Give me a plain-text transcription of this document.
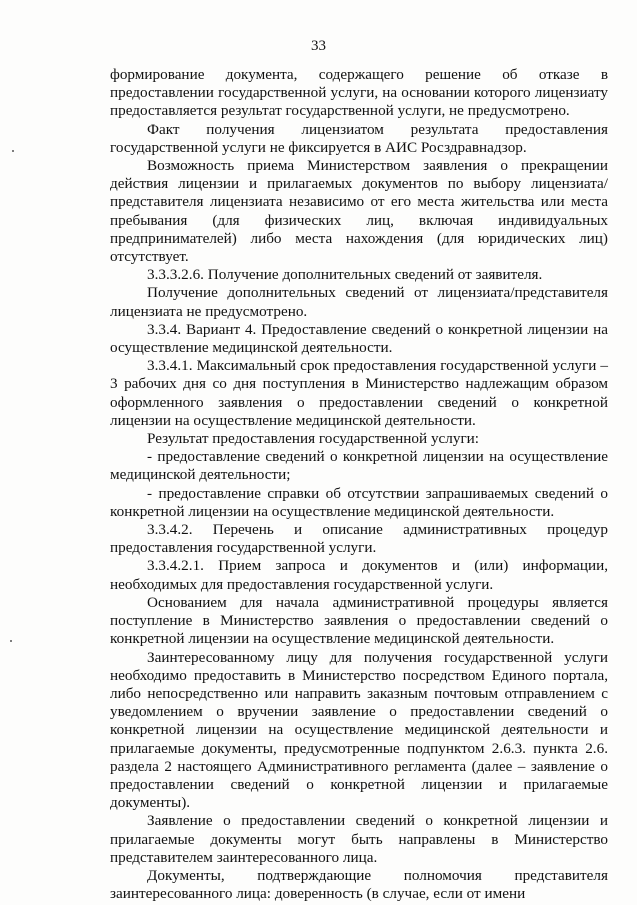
33

формирование документа, содержащего решение об отказе в предоставлении государственной услуги, на основании которого лицензиату предоставляется результат государственной услуги, не предусмотрено.

Факт получения лицензиатом результата предоставления государственной услуги не фиксируется в АИС Росздравнадзор.

Возможность приема Министерством заявления о прекращении действия лицензии и прилагаемых документов по выбору лицензиата/представителя лицензиата независимо от его места жительства или места пребывания (для физических лиц, включая индивидуальных предпринимателей) либо места нахождения (для юридических лиц) отсутствует.

3.3.3.2.6. Получение дополнительных сведений от заявителя.

Получение дополнительных сведений от лицензиата/представителя лицензиата не предусмотрено.

3.3.4. Вариант 4. Предоставление сведений о конкретной лицензии на осуществление медицинской деятельности.

3.3.4.1. Максимальный срок предоставления государственной услуги – 3 рабочих дня со дня поступления в Министерство надлежащим образом оформленного заявления о предоставлении сведений о конкретной лицензии на осуществление медицинской деятельности.

Результат предоставления государственной услуги:

- предоставление сведений о конкретной лицензии на осуществление медицинской деятельности;

- предоставление справки об отсутствии запрашиваемых сведений о конкретной лицензии на осуществление медицинской деятельности.

3.3.4.2. Перечень и описание административных процедур предоставления государственной услуги.

3.3.4.2.1. Прием запроса и документов и (или) информации, необходимых для предоставления государственной услуги.

Основанием для начала административной процедуры является поступление в Министерство заявления о предоставлении сведений о конкретной лицензии на осуществление медицинской деятельности.

Заинтересованному лицу для получения государственной услуги необходимо предоставить в Министерство посредством Единого портала, либо непосредственно или направить заказным почтовым отправлением с уведомлением о вручении заявление о предоставлении сведений о конкретной лицензии на осуществление медицинской деятельности и прилагаемые документы, предусмотренные подпунктом 2.6.3. пункта 2.6. раздела 2 настоящего Административного регламента (далее – заявление о предоставлении сведений о конкретной лицензии и прилагаемые документы).

Заявление о предоставлении сведений о конкретной лицензии и прилагаемые документы могут быть направлены в Министерство представителем заинтересованного лица.

Документы, подтверждающие полномочия представителя заинтересованного лица: доверенность (в случае, если от имени
